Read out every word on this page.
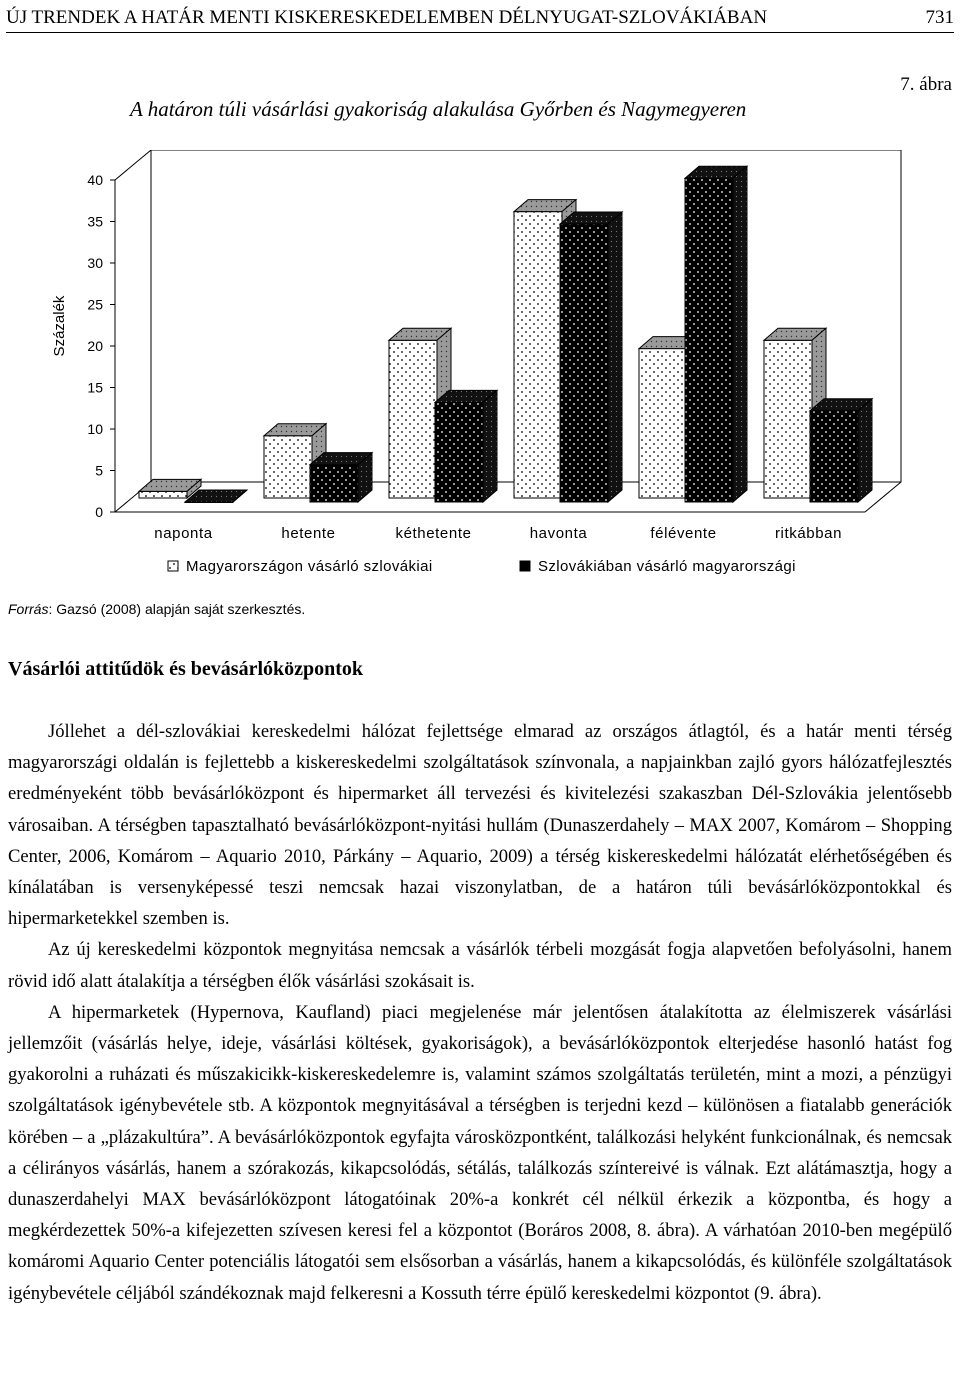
ÚJ TRENDEK A HATÁR MENTI KISKERESKEDELEMBEN DÉLNYUGAT-SZLOVÁKIÁBAN	731
7. ábra
A határon túli vásárlási gyakoriság alakulása Győrben és Nagymegyeren
0
5
10
15
20
25
30
35
40
Százalék
naponta	hetente	kéthetente	havonta	félévente	ritkábban
Magyarországon vásárló szlovákiai	Szlovákiában vásárló magyarországi
Forrás: Gazsó (2008) alapján saját szerkesztés.
Vásárlói attitűdök és bevásárlóközpontok

Jóllehet a dél-szlovákiai kereskedelmi hálózat fejlettsége elmarad az országos átlagtól, és a határ menti térség magyarországi oldalán is fejlettebb a kiskereskedelmi szolgáltatások színvonala, a napjainkban zajló gyors hálózatfejlesztés eredményeként több bevásárlóközpont és hipermarket áll tervezési és kivitelezési szakaszban Dél-Szlovákia jelentősebb városaiban. A térségben tapasztalható bevásárlóközpont-nyitási hullám (Dunaszerdahely – MAX 2007, Komárom – Shopping Center, 2006, Komárom – Aquario 2010, Párkány – Aquario, 2009) a térség kiskereskedelmi hálózatát elérhetőségében és kínálatában is versenyképessé teszi nemcsak hazai viszonylatban, de a határon túli bevásárlóközpontokkal és hipermarketekkel szemben is.

Az új kereskedelmi központok megnyitása nemcsak a vásárlók térbeli mozgását fogja alapvetően befolyásolni, hanem rövid idő alatt átalakítja a térségben élők vásárlási szokásait is.

A hipermarketek (Hypernova, Kaufland) piaci megjelenése már jelentősen átalakította az élelmiszerek vásárlási jellemzőit (vásárlás helye, ideje, vásárlási költések, gyakoriságok), a bevásárlóközpontok elterjedése hasonló hatást fog gyakorolni a ruházati és műszakicikk-kiskereskedelemre is, valamint számos szolgáltatás területén, mint a mozi, a pénzügyi szolgáltatások igénybevétele stb. A központok megnyitásával a térségben is terjedni kezd – különösen a fiatalabb generációk körében – a „plázakultúra”. A bevásárlóközpontok egyfajta városközpontként, találkozási helyként funkcionálnak, és nemcsak a célirányos vásárlás, hanem a szórakozás, kikapcsolódás, sétálás, találkozás színtereivé is válnak. Ezt alátámasztja, hogy a dunaszerdahelyi MAX bevásárlóközpont látogatóinak 20%-a konkrét cél nélkül érkezik a központba, és hogy a megkérdezettek 50%-a kifejezetten szívesen keresi fel a központot (Boráros 2008, 8. ábra). A várhatóan 2010-ben megépülő komáromi Aquario Center potenciális látogatói sem elsősorban a vásárlás, hanem a kikapcsolódás, és különféle szolgáltatások igénybevétele céljából szándékoznak majd felkeresni a Kossuth térre épülő kereskedelmi központot (9. ábra).
